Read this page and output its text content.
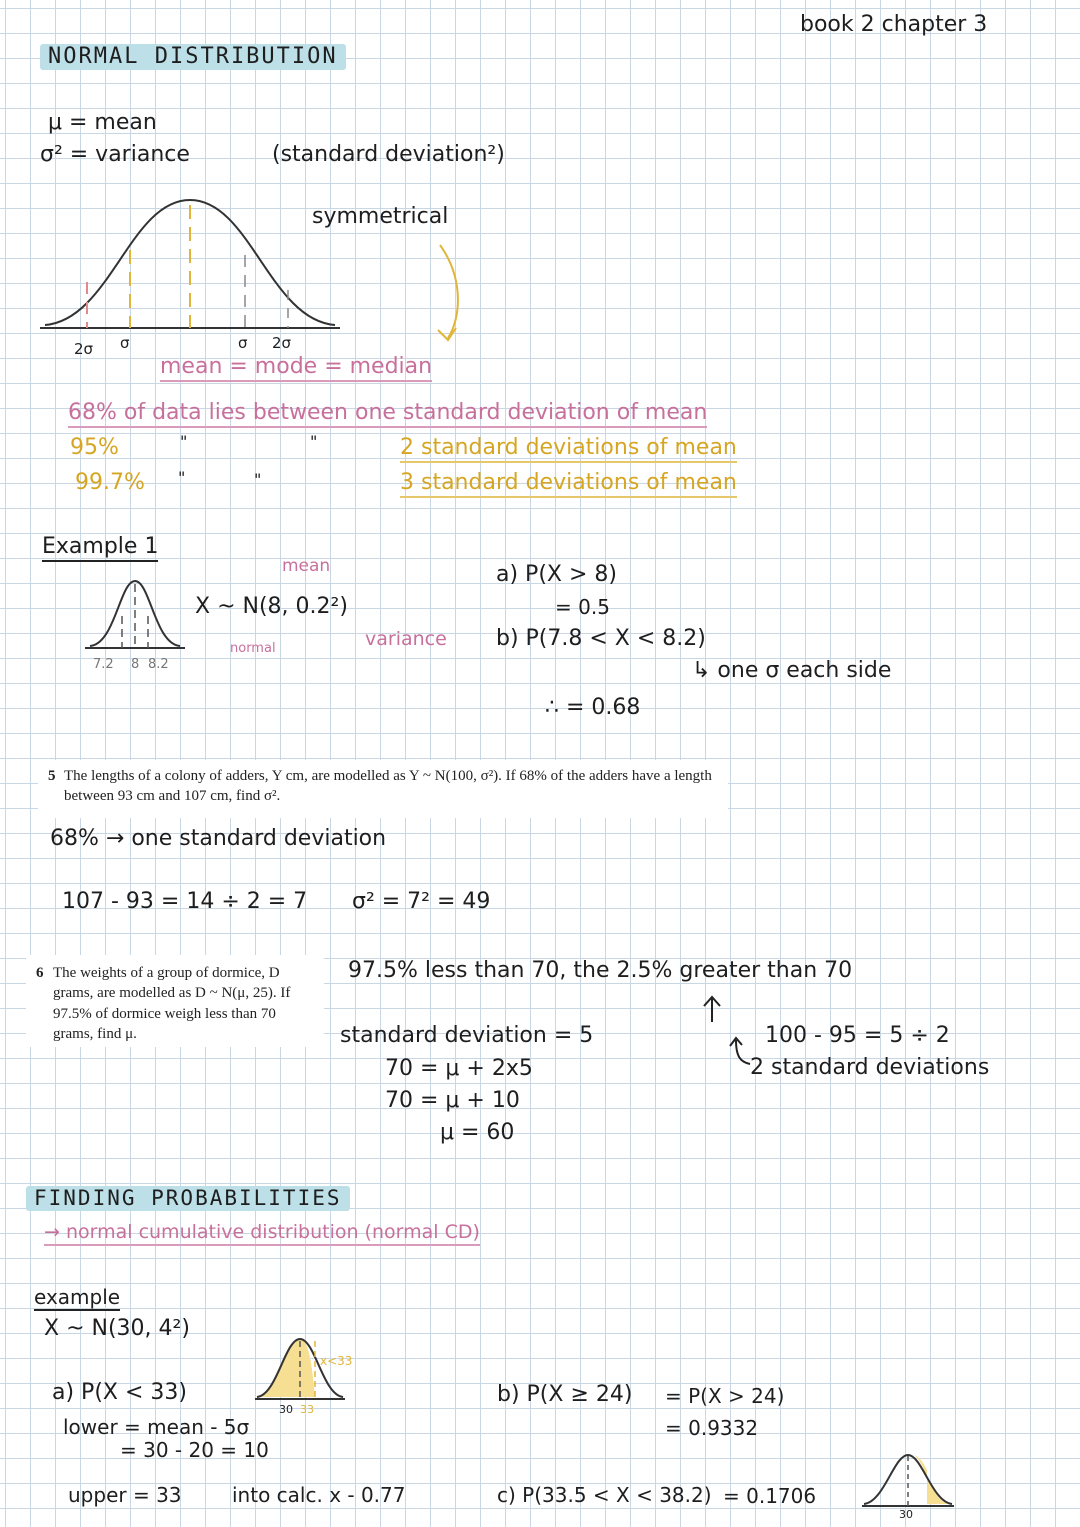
book 2 chapter 3
NORMAL DISTRIBUTION
μ = mean
σ² = variance	(standard deviation²)
symmetrical
2σ σ	σ 2σ
mean = mode = median
68% of data lies between one standard deviation of mean
95%	"	"	2 standard deviations of mean
99.7% "	"	3 standard deviations of mean
Example 1
7.2 8 8.2
mean
X ~ N(8, 0.2²)
normal	variance
a) P(X > 8)
= 0.5
b) P(7.8 < X < 8.2)
↳ one σ each side
∴ = 0.68
5 The lengths of a colony of adders, Y cm, are modelled as Y ~ N(100, σ²). If 68% of the adders have a length between 93 cm and 107 cm, find σ².
68% → one standard deviation
107 - 93 = 14 ÷ 2 = 7 σ² = 7² = 49
6 The weights of a group of dormice, D grams, are modelled as D ~ N(μ, 25). If 97.5% of dormice weigh less than 70 grams, find μ.
97.5% less than 70, the 2.5% greater than 70
standard deviation = 5
70 = μ + 2x5
70 = μ + 10
μ = 60
100 - 95 = 5 ÷ 2
2 standard deviations
FINDING PROBABILITIES
→ normal cumulative distribution (normal CD)
example
X ~ N(30, 4²)
x<33
30 33
a) P(X < 33)
lower = mean - 5σ
= 30 - 20 = 10
upper = 33	into calc. x - 0.77
b) P(X ≥ 24) = P(X > 24)
= 0.9332
c) P(33.5 < X < 38.2) = 0.1706
30
